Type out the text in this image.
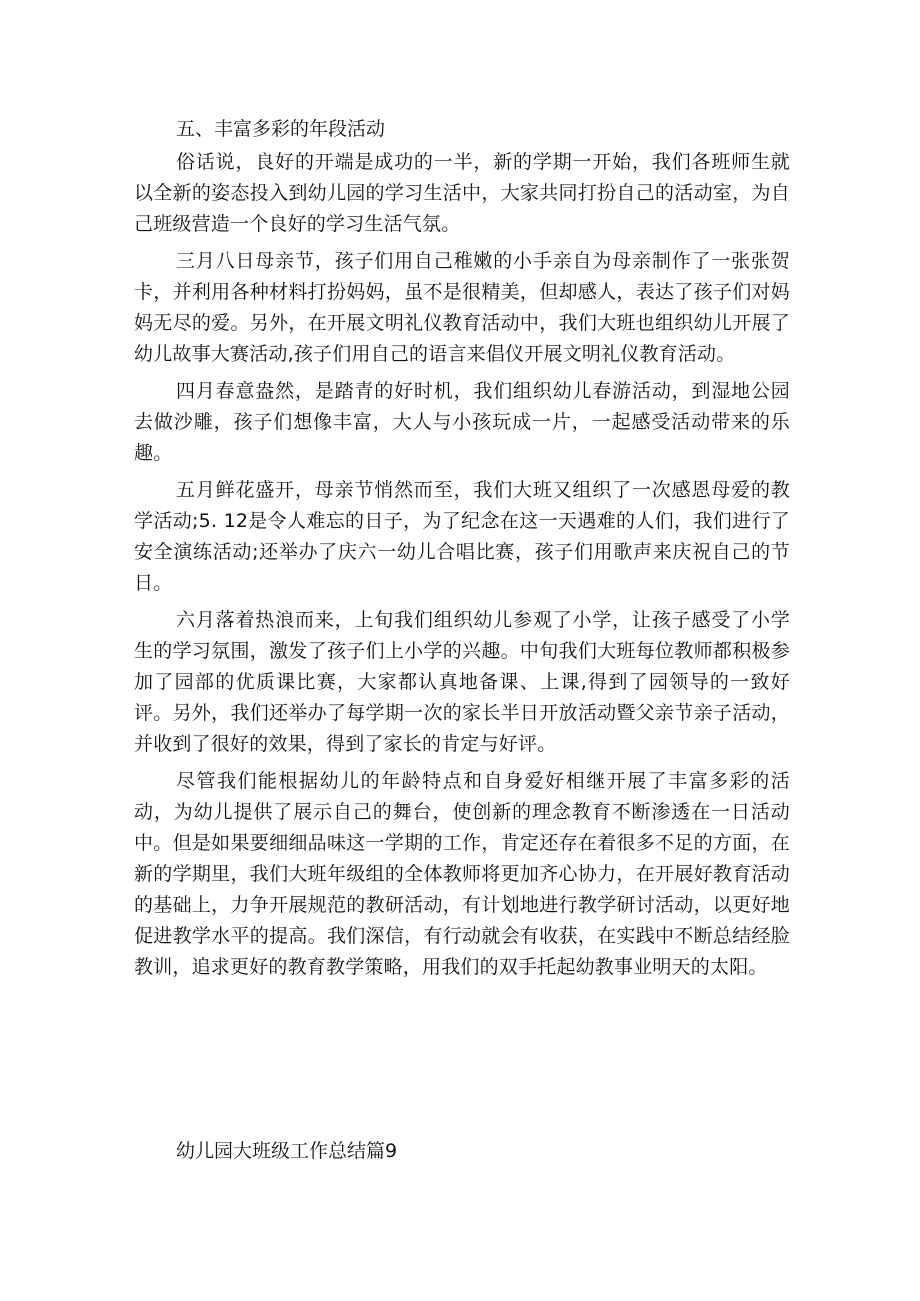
五、丰富多彩的年段活动

俗话说，良好的开端是成功的一半，新的学期一开始，我们各班师生就以全新的姿态投入到幼儿园的学习生活中，大家共同打扮自己的活动室，为自己班级营造一个良好的学习生活气氛。

三月八日母亲节，孩子们用自己稚嫩的小手亲自为母亲制作了一张张贺卡，并利用各种材料打扮妈妈，虽不是很精美，但却感人，表达了孩子们对妈妈无尽的爱。另外，在开展文明礼仪教育活动中，我们大班也组织幼儿开展了幼儿故事大赛活动,孩子们用自己的语言来倡仪开展文明礼仪教育活动。

四月春意盎然，是踏青的好时机，我们组织幼儿春游活动，到湿地公园去做沙雕，孩子们想像丰富，大人与小孩玩成一片，一起感受活动带来的乐趣。

五月鲜花盛开，母亲节悄然而至，我们大班又组织了一次感恩母爱的教学活动;5. 12是令人难忘的日子，为了纪念在这一天遇难的人们，我们进行了安全演练活动;还举办了庆六一幼儿合唱比赛，孩子们用歌声来庆祝自己的节日。

六月落着热浪而来，上旬我们组织幼儿参观了小学，让孩子感受了小学生的学习氛围，激发了孩子们上小学的兴趣。中旬我们大班每位教师都积极参加了园部的优质课比赛，大家都认真地备课、上课,得到了园领导的一致好评。另外，我们还举办了每学期一次的家长半日开放活动暨父亲节亲子活动，并收到了很好的效果，得到了家长的肯定与好评。

尽管我们能根据幼儿的年龄特点和自身爱好相继开展了丰富多彩的活动，为幼儿提供了展示自己的舞台，使创新的理念教育不断渗透在一日活动中。但是如果要细细品味这一学期的工作，肯定还存在着很多不足的方面，在新的学期里，我们大班年级组的全体教师将更加齐心协力，在开展好教育活动的基础上，力争开展规范的教研活动，有计划地进行教学研讨活动，以更好地促进教学水平的提高。我们深信，有行动就会有收获，在实践中不断总结经脸教训，追求更好的教育教学策略，用我们的双手托起幼教事业明天的太阳。

幼儿园大班级工作总结篇9
